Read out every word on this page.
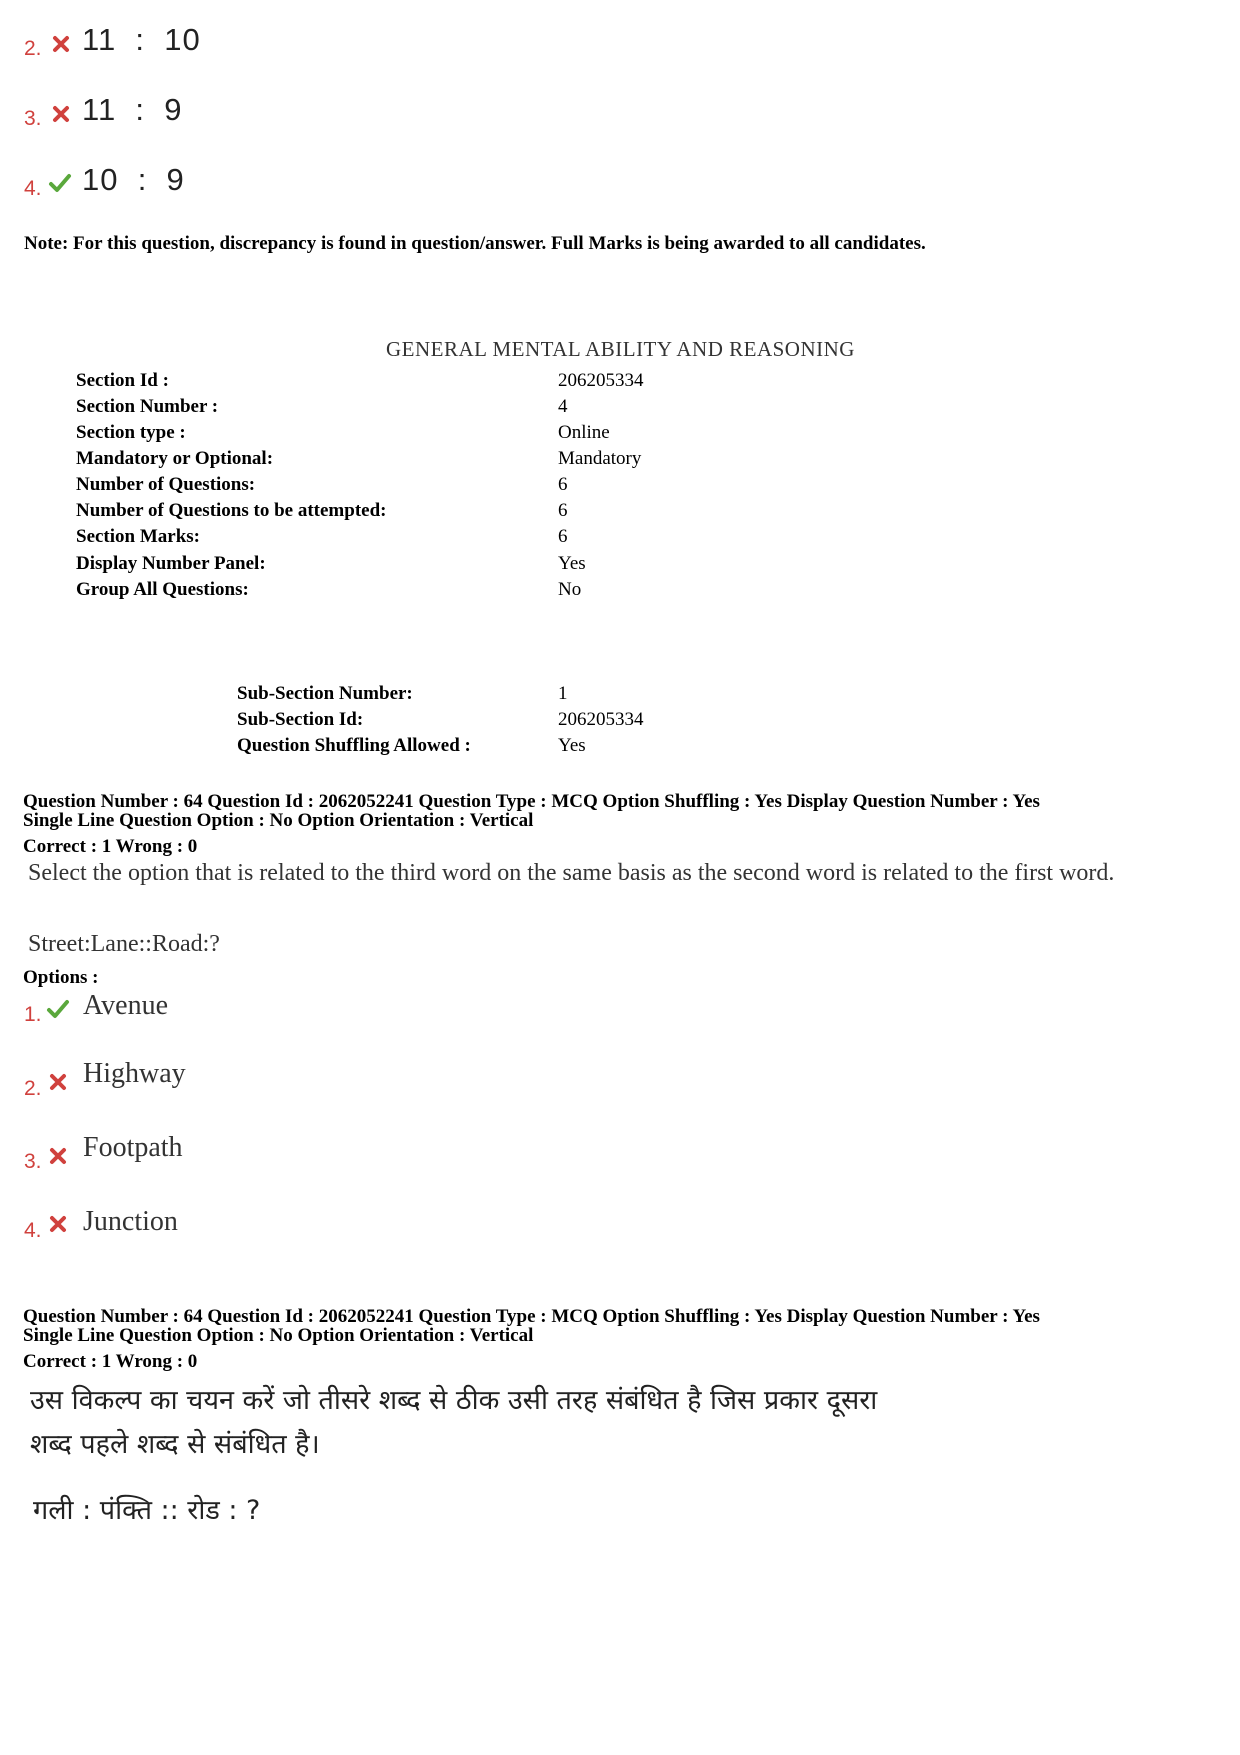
2. 11  :  10
3. 11  :  9
4. 10  :  9
Note: For this question, discrepancy is found in question/answer. Full Marks is being awarded to all candidates.
GENERAL MENTAL ABILITY AND REASONING
Section Id :	206205334
Section Number :	4
Section type :	Online
Mandatory or Optional:	Mandatory
Number of Questions:	6
Number of Questions to be attempted:	6
Section Marks:	6
Display Number Panel:	Yes
Group All Questions:	No
Sub-Section Number:	1
Sub-Section Id:	206205334
Question Shuffling Allowed :	Yes
Question Number : 64 Question Id : 2062052241 Question Type : MCQ Option Shuffling : Yes Display Question Number : Yes
Single Line Question Option : No Option Orientation : Vertical
Correct : 1 Wrong : 0
Select the option that is related to the third word on the same basis as the second word is related to the first word.
Street:Lane::Road:?
Options :
1. Avenue
2. Highway
3. Footpath
4. Junction
Question Number : 64 Question Id : 2062052241 Question Type : MCQ Option Shuffling : Yes Display Question Number : Yes
Single Line Question Option : No Option Orientation : Vertical
Correct : 1 Wrong : 0
उस विकल्प का चयन करें जो तीसरे शब्द से ठीक उसी तरह संबंधित है जिस प्रकार दूसरा
शब्द पहले शब्द से संबंधित है।
गली : पंक्ति :: रोड : ?
